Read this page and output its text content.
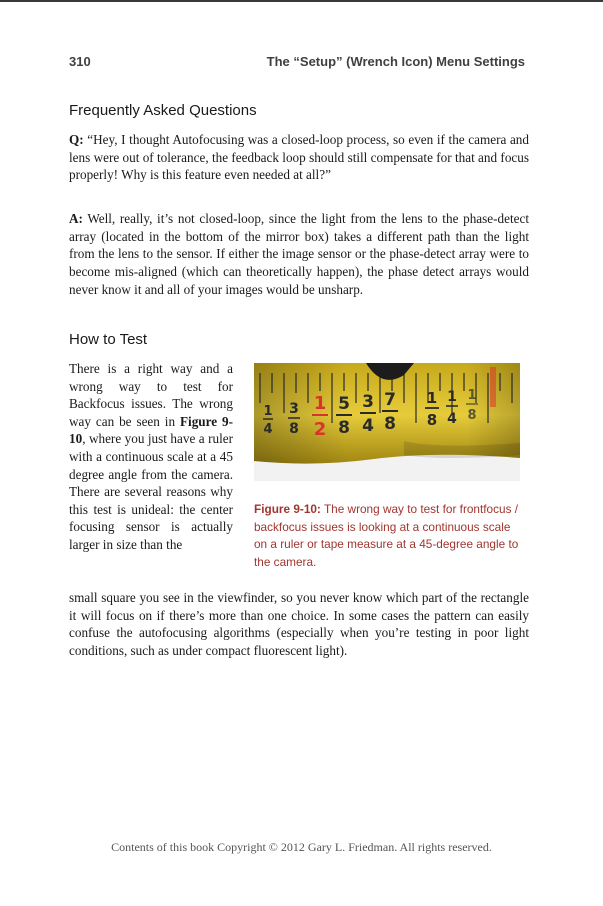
310	The “Setup” (Wrench Icon) Menu Settings
Frequently Asked Questions

Q: “Hey, I thought Autofocusing was a closed-loop process, so even if the camera and lens were out of tolerance, the feedback loop should still compensate for that and focus properly! Why is this feature even needed at all?”

A: Well, really, it’s not closed-loop, since the light from the lens to the phase-detect array (located in the bottom of the mirror box) takes a different path than the light from the lens to the sensor. If either the image sensor or the phase-detect array were to become mis-aligned (which can theoretically happen), the phase detect arrays would never know it and all of your images would be unsharp.

How to Test

There is a right way and a wrong way to test for Backfocus issues. The wrong way can be seen in Figure 9-10, where you just have a ruler with a continuous scale at a 45 degree angle from the camera. There are several reasons why this test is unideal: the center focusing sensor is actually larger in size than the

1
4
3
8
1
2
5
8
3
4
7
8
1
8
1
4
1
8

Figure 9-10: The wrong way to test for frontfocus / backfocus issues is looking at a continuous scale on a ruler or tape measure at a 45-degree angle to the camera.

small square you see in the viewfinder, so you never know which part of the rectangle it will focus on if there’s more than one choice. In some cases the pattern can easily confuse the autofocusing algorithms (especially when you’re testing in poor light conditions, such as under compact fluorescent light).

Contents of this book Copyright © 2012 Gary L. Friedman. All rights reserved.
